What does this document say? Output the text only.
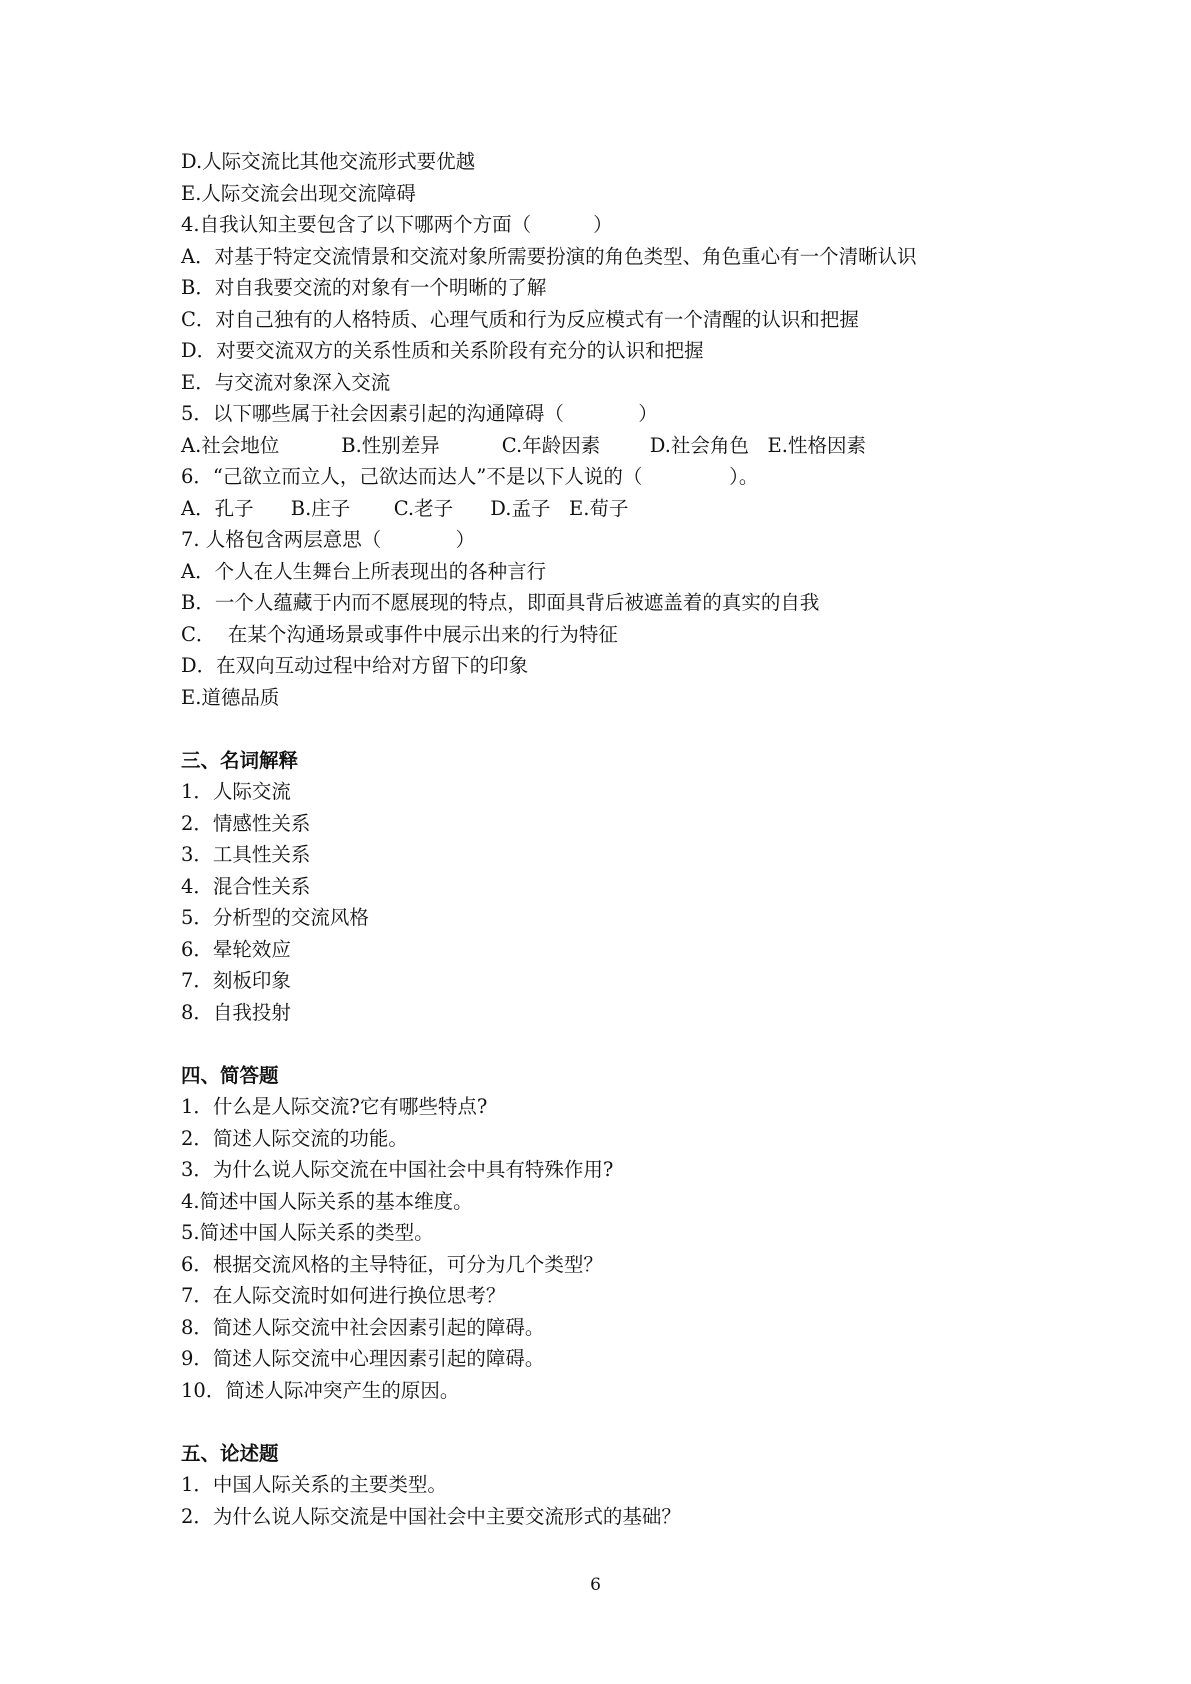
D.人际交流比其他交流形式要优越
E.人际交流会出现交流障碍
4.自我认知主要包含了以下哪两个方面（          ）
A．对基于特定交流情景和交流对象所需要扮演的角色类型、角色重心有一个清晰认识
B．对自我要交流的对象有一个明晰的了解
C．对自己独有的人格特质、心理气质和行为反应模式有一个清醒的认识和把握
D．对要交流双方的关系性质和关系阶段有充分的认识和把握
E．与交流对象深入交流
5．以下哪些属于社会因素引起的沟通障碍（            ）
A.社会地位          B.性别差异          C.年龄因素        D.社会角色   E.性格因素
6．“己欲立而立人，己欲达而达人”不是以下人说的（              ）。
A．孔子      B.庄子       C.老子      D.孟子   E.荀子
7. 人格包含两层意思（            ）
A．个人在人生舞台上所表现出的各种言行
B．一个人蕴藏于内而不愿展现的特点，即面具背后被遮盖着的真实的自我
C．  在某个沟通场景或事件中展示出来的行为特征
D．在双向互动过程中给对方留下的印象
E.道德品质
三、名词解释
1．人际交流
2．情感性关系
3．工具性关系
4．混合性关系
5．分析型的交流风格
6．晕轮效应
7．刻板印象
8．自我投射
四、简答题
1．什么是人际交流?它有哪些特点?
2．简述人际交流的功能。
3．为什么说人际交流在中国社会中具有特殊作用?
4.简述中国人际关系的基本维度。
5.简述中国人际关系的类型。
6．根据交流风格的主导特征，可分为几个类型？
7．在人际交流时如何进行换位思考？
8．简述人际交流中社会因素引起的障碍。
9．简述人际交流中心理因素引起的障碍。
10．简述人际冲突产生的原因。
五、论述题
1．中国人际关系的主要类型。
2．为什么说人际交流是中国社会中主要交流形式的基础？
6
